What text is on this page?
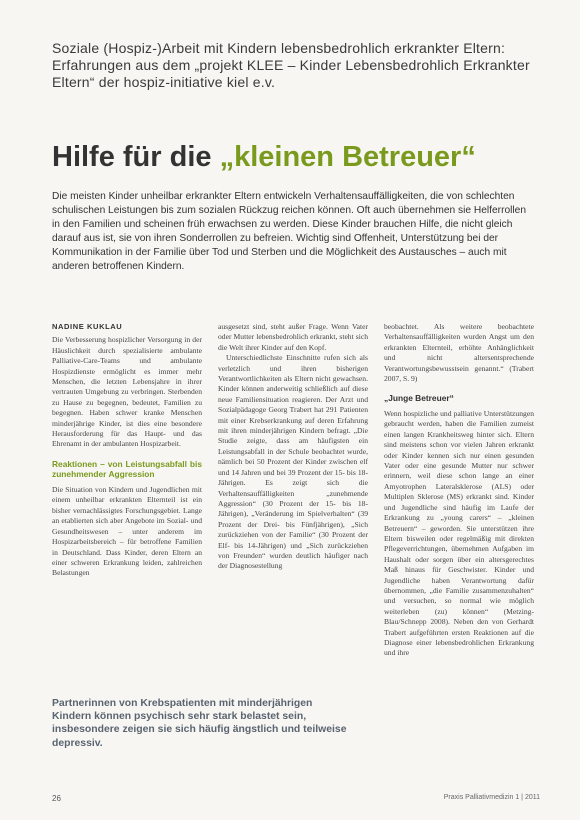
Soziale (Hospiz-)Arbeit mit Kindern lebensbedrohlich erkrankter Eltern: Erfahrungen aus dem „projekt KLEE – Kinder Lebensbedrohlich Erkrankter Eltern“ der hospiz-initiative kiel e.v.
Hilfe für die „kleinen Betreuer“
Die meisten Kinder unheilbar erkrankter Eltern entwickeln Verhaltensauffälligkeiten, die von schlechten schulischen Leistungen bis zum sozialen Rückzug reichen können. Oft auch übernehmen sie Helferrollen in den Familien und scheinen früh erwachsen zu werden. Diese Kinder brauchen Hilfe, die nicht gleich darauf aus ist, sie von ihren Sonderrollen zu befreien. Wichtig sind Offenheit, Unterstützung bei der Kommunikation in der Familie über Tod und Sterben und die Möglichkeit des Austausches – auch mit anderen betroffenen Kindern.
NADINE KUKLAU

Die Verbesserung hospizlicher Versorgung in der Häuslichkeit durch spezialisierte ambulante Palliative-Care-Teams und ambulante Hospizdienste ermöglicht es immer mehr Menschen, die letzten Lebensjahre in ihrer vertrauten Umgebung zu verbringen. Sterbenden zu Hause zu begegnen, bedeutet, Familien zu begegnen. Haben schwer kranke Menschen minderjährige Kinder, ist dies eine besondere Herausforderung für das Haupt- und das Ehrenamt in der ambulanten Hospizarbeit.

Reaktionen – von Leistungsabfall bis zunehmender Aggression

Die Situation von Kindern und Jugendlichen mit einem unheilbar erkrankten Elternteil ist ein bisher vernachlässigtes Forschungsgebiet. Lange an etablierten sich aber Angebote im Sozial- und Gesundheitswesen – unter anderem im Hospizarbeitsbereich – für betroffene Familien in Deutschland. Dass Kinder, deren Eltern an einer schweren Erkrankung leiden, zahlreichen Belastungen

ausgesetzt sind, steht außer Frage. Wenn Vater oder Mutter lebensbedrohlich erkrankt, steht sich die Welt ihrer Kinder auf den Kopf.

Unterschiedlichste Einschnitte rufen sich als verletzlich und ihren bisherigen Verantwortlichkeiten als Eltern nicht gewachsen. Kinder können anderweitig schließlich auf diese neue Familiensituation reagieren. Der Arzt und Sozialpädagoge Georg Trabert hat 291 Patienten mit einer Krebserkrankung auf deren Erfahrung mit ihren minderjährigen Kindern befragt. „Die Studie zeigte, dass am häufigsten ein Leistungsabfall in der Schule beobachtet wurde, nämlich bei 50 Prozent der Kinder zwischen elf und 14 Jahren und bei 39 Prozent der 15- bis 18-Jährigen. Es zeigt sich die Verhaltensauffälligkeiten „zunehmende Aggression“ (30 Prozent der 15- bis 18-Jährigen), „Veränderung im Spielverhalten“ (39 Prozent der Drei- bis Fünfjährigen), „Sich zurückziehen von der Familie“ (30 Prozent der Elf- bis 14-Jährigen) und „Sich zurückziehen von Freunden“ wurden deutlich häufiger nach der Diagnosestellung

beobachtet. Als weitere beobachtete Verhaltensauffälligkeiten wurden Angst um den erkrankten Elternteil, erhöhte Anhänglichkeit und nicht altersentsprechende Verantwortungsbewusstsein genannt.“ (Trabert 2007, S. 9)

„Junge Betreuer“

Wenn hospizliche und palliative Unterstützungen gebraucht werden, haben die Familien zumeist einen langen Krankheitsweg hinter sich. Eltern sind meistens schon vor vielen Jahren erkrankt oder Kinder kennen sich nur einen gesunden Vater oder eine gesunde Mutter nur schwer erinnern, weil diese schon lange an einer Amyotrophen Lateralsklerose (ALS) oder Multiplen Sklerose (MS) erkrankt sind. Kinder und Jugendliche sind häufig im Laufe der Erkrankung zu „young carers“ – „kleinen Betreuern“ – geworden. Sie unterstützen ihre Eltern bisweilen oder regelmäßig mit direkten Pflegeverrichtungen, übernehmen Aufgaben im Haushalt oder sorgen über ein altersgerechtes Maß hinaus für Geschwister. Kinder und Jugendliche haben Verantwortung dafür übernommen, „die Familie zusammenzuhalten“ und versuchen, so normal wie möglich weiterleben (zu) können“ (Metzing-Blau/Schnepp 2008). Neben den von Gerhardt Trabert aufgeführten ersten Reaktionen auf die Diagnose einer lebensbedrohlichen Erkrankung und ihre

Partnerinnen von Krebspatienten mit minderjährigen Kindern können psychisch sehr stark belastet sein, insbesondere zeigen sie sich häufig ängstlich und teilweise depressiv.
26	Praxis Palliativmedizin 1 | 2011
